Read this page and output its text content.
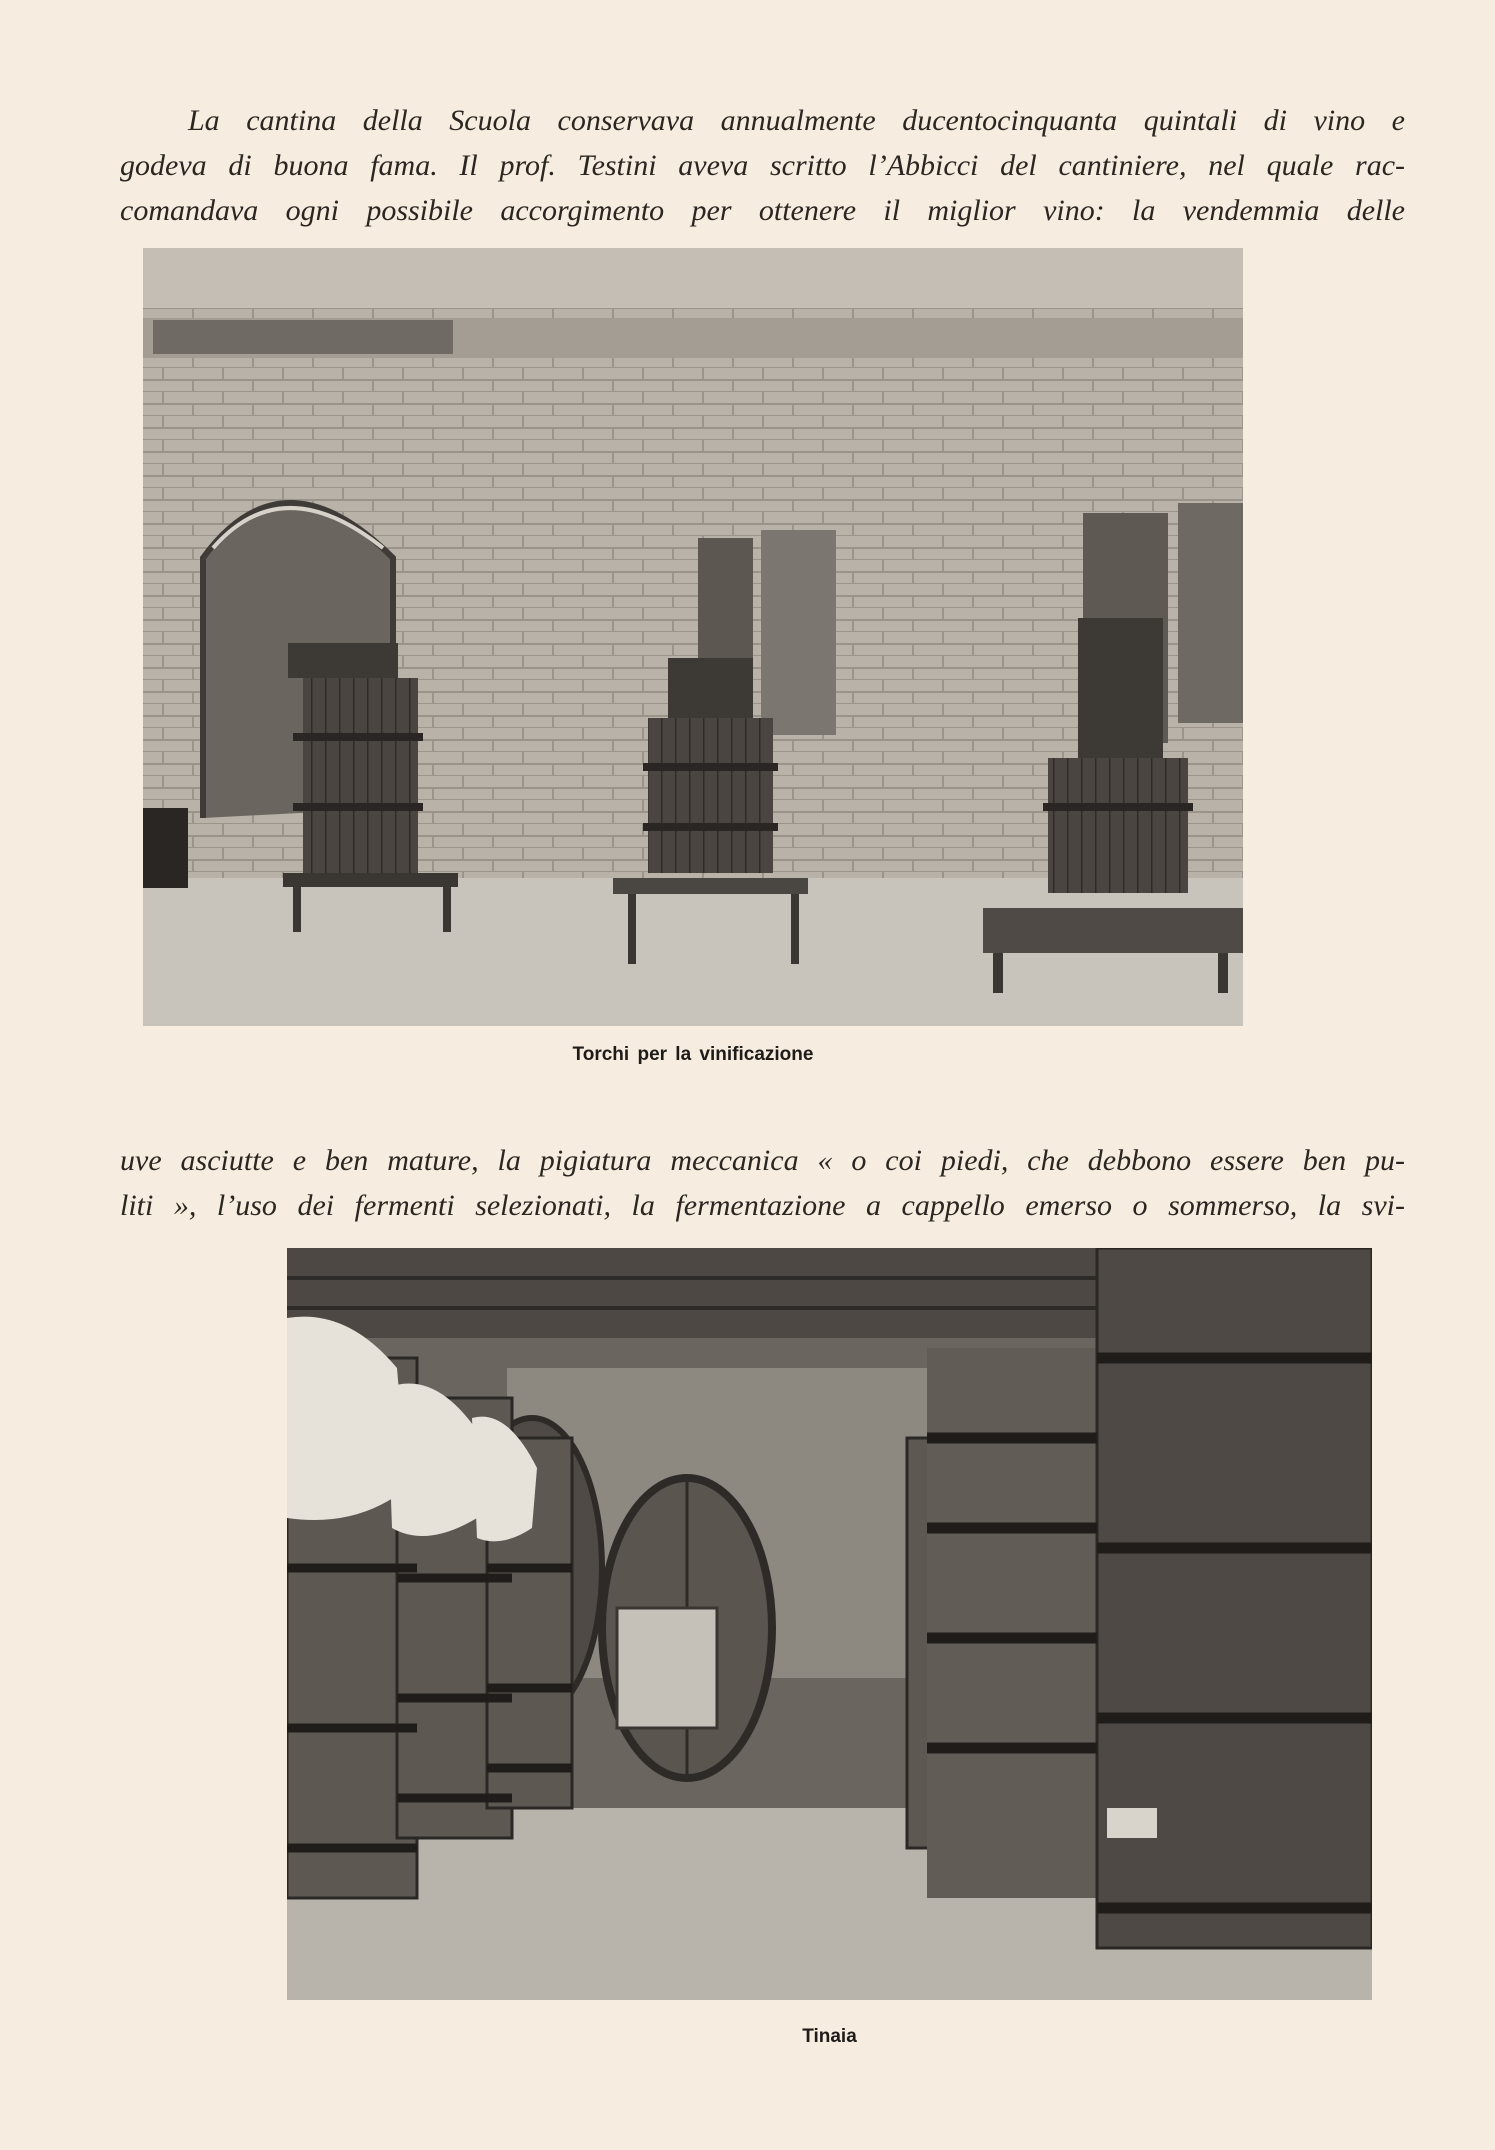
La cantina della Scuola conservava annualmente ducentocinquanta quintali di vino e
godeva di buona fama. Il prof. Testini aveva scritto l’Abbicci del cantiniere, nel quale rac-
comandava ogni possibile accorgimento per ottenere il miglior vino: la vendemmia delle

Torchi per la vinificazione

uve asciutte e ben mature, la pigiatura meccanica « o coi piedi, che debbono essere ben pu-
liti », l’uso dei fermenti selezionati, la fermentazione a cappello emerso o sommerso, la svi-

Tinaia
